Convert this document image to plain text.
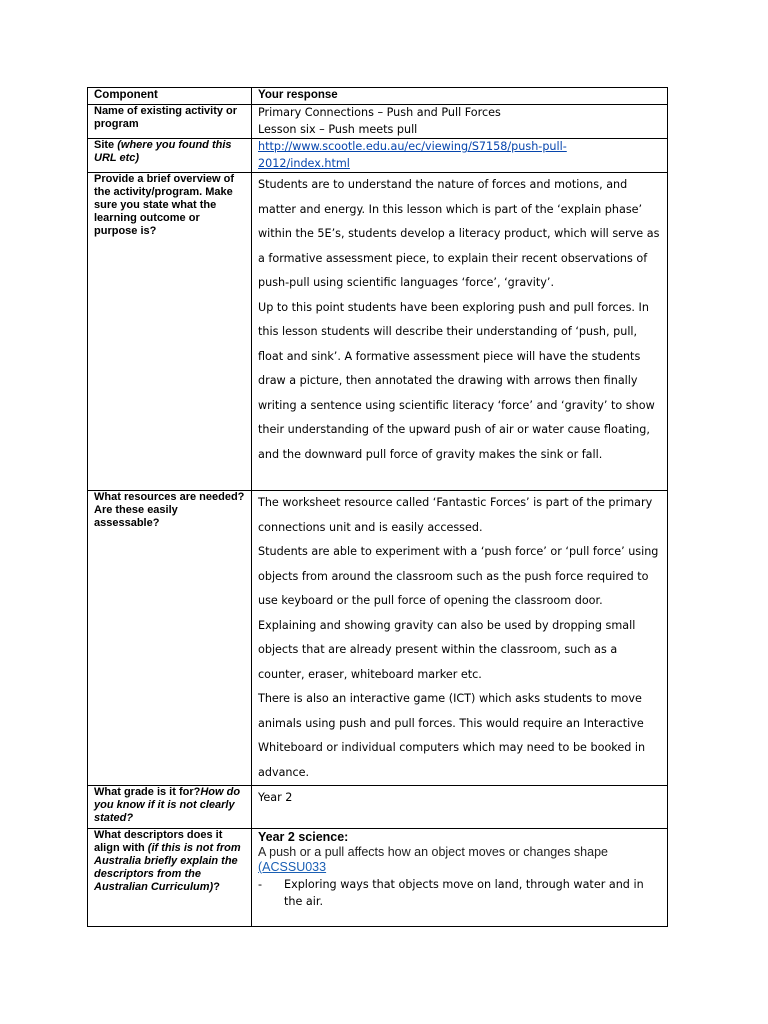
Component	Your response
Name of existing activity or program	Primary Connections – Push and Pull Forces

Lesson six – Push meets pull

Site (where you found this URL etc)	http://www.scootle.edu.au/ec/viewing/S7158/push-pull-
2012/index.html
Provide a brief overview of the activity/program. Make sure you state what the learning outcome or purpose is?	Students are to understand the nature of forces and motions, and matter and energy. In this lesson which is part of the ‘explain phase’ within the 5E’s, students develop a literacy product, which will serve as a formative assessment piece, to explain their recent observations of push-pull using scientific languages ‘force’, ‘gravity’.

Up to this point students have been exploring push and pull forces. In this lesson students will describe their understanding of ‘push, pull, float and sink’. A formative assessment piece will have the students draw a picture, then annotated the drawing with arrows then finally writing a sentence using scientific literacy ‘force’ and ‘gravity’ to show their understanding of the upward push of air or water cause floating, and the downward pull force of gravity makes the sink or fall.

What resources are needed? Are these easily assessable?	The worksheet resource called ‘Fantastic Forces’ is part of the primary connections unit and is easily accessed.

Students are able to experiment with a ‘push force’ or ‘pull force’ using objects from around the classroom such as the push force required to use keyboard or the pull force of opening the classroom door. Explaining and showing gravity can also be used by dropping small objects that are already present within the classroom, such as a counter, eraser, whiteboard marker etc.

There is also an interactive game (ICT) which asks students to move animals using push and pull forces. This would require an Interactive Whiteboard or individual computers which may need to be booked in advance.

What grade is it for?How do you know if it is not clearly stated?	Year 2

What descriptors does it align with (if this is not from Australia briefly explain the descriptors from the Australian Curriculum)?	Year 2 science:
A push or a pull affects how an object moves or changes shape (ACSSU033
- Exploring ways that objects move on land, through water and in the air.
